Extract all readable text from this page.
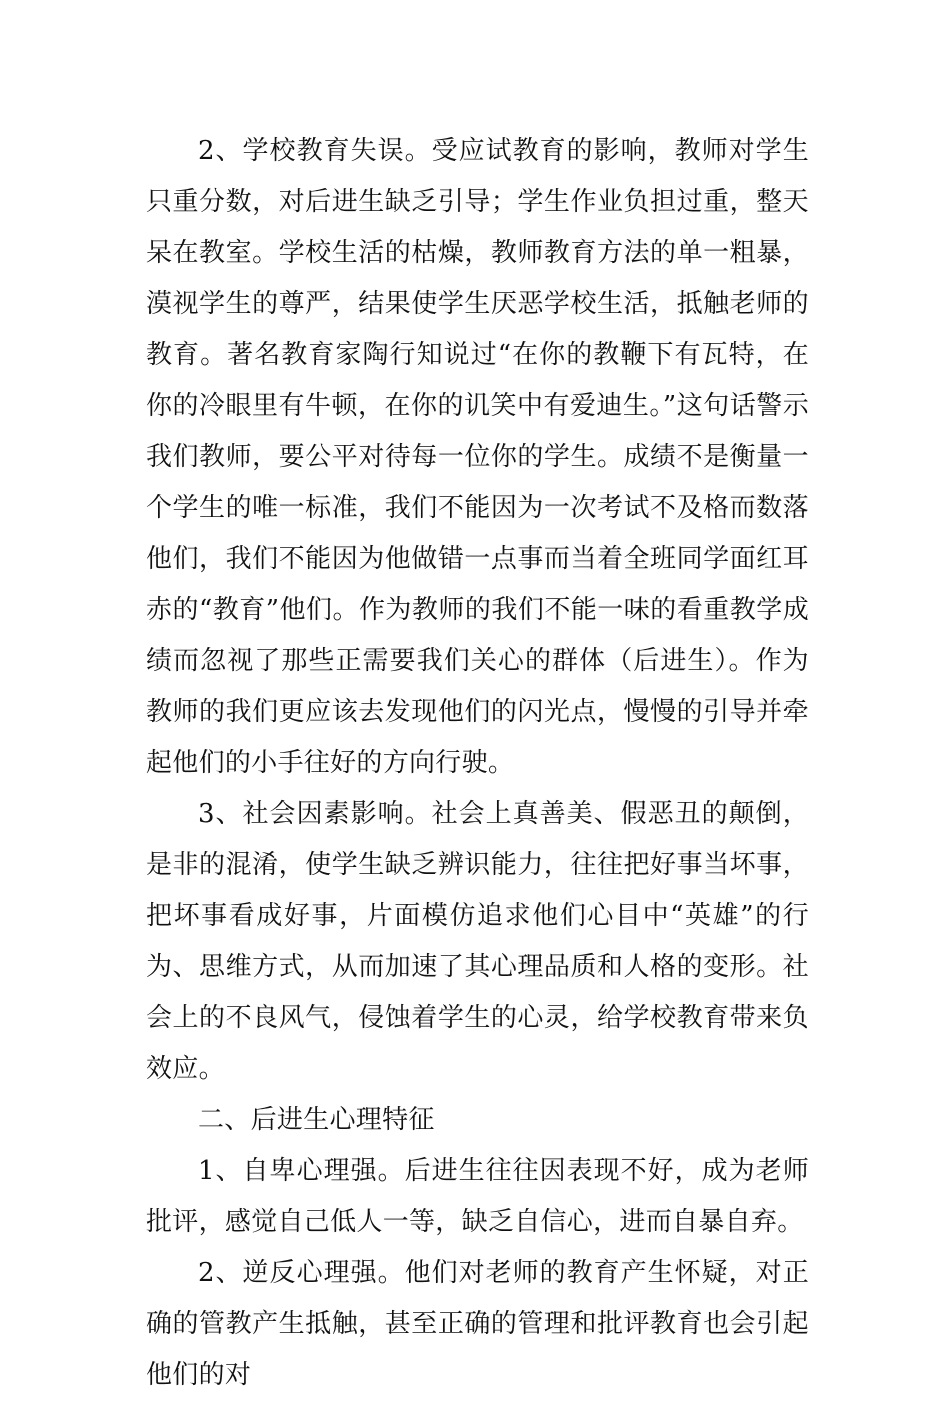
2、学校教育失误。受应试教育的影响，教师对学生只重分数，对后进生缺乏引导；学生作业负担过重，整天呆在教室。学校生活的枯燥，教师教育方法的单一粗暴，漠视学生的尊严，结果使学生厌恶学校生活，抵触老师的教育。著名教育家陶行知说过“在你的教鞭下有瓦特，在你的冷眼里有牛顿，在你的讥笑中有爱迪生。”这句话警示我们教师，要公平对待每一位你的学生。成绩不是衡量一个学生的唯一标准，我们不能因为一次考试不及格而数落他们，我们不能因为他做错一点事而当着全班同学面红耳赤的“教育”他们。作为教师的我们不能一味的看重教学成绩而忽视了那些正需要我们关心的群体（后进生）。作为教师的我们更应该去发现他们的闪光点，慢慢的引导并牵起他们的小手往好的方向行驶。

3、社会因素影响。社会上真善美、假恶丑的颠倒，是非的混淆，使学生缺乏辨识能力，往往把好事当坏事，把坏事看成好事，片面模仿追求他们心目中“英雄”的行为、思维方式，从而加速了其心理品质和人格的变形。社会上的不良风气，侵蚀着学生的心灵，给学校教育带来负效应。

二、后进生心理特征

1、自卑心理强。后进生往往因表现不好，成为老师批评，感觉自己低人一等，缺乏自信心，进而自暴自弃。

2、逆反心理强。他们对老师的教育产生怀疑，对正确的管教产生抵触，甚至正确的管理和批评教育也会引起他们的对
